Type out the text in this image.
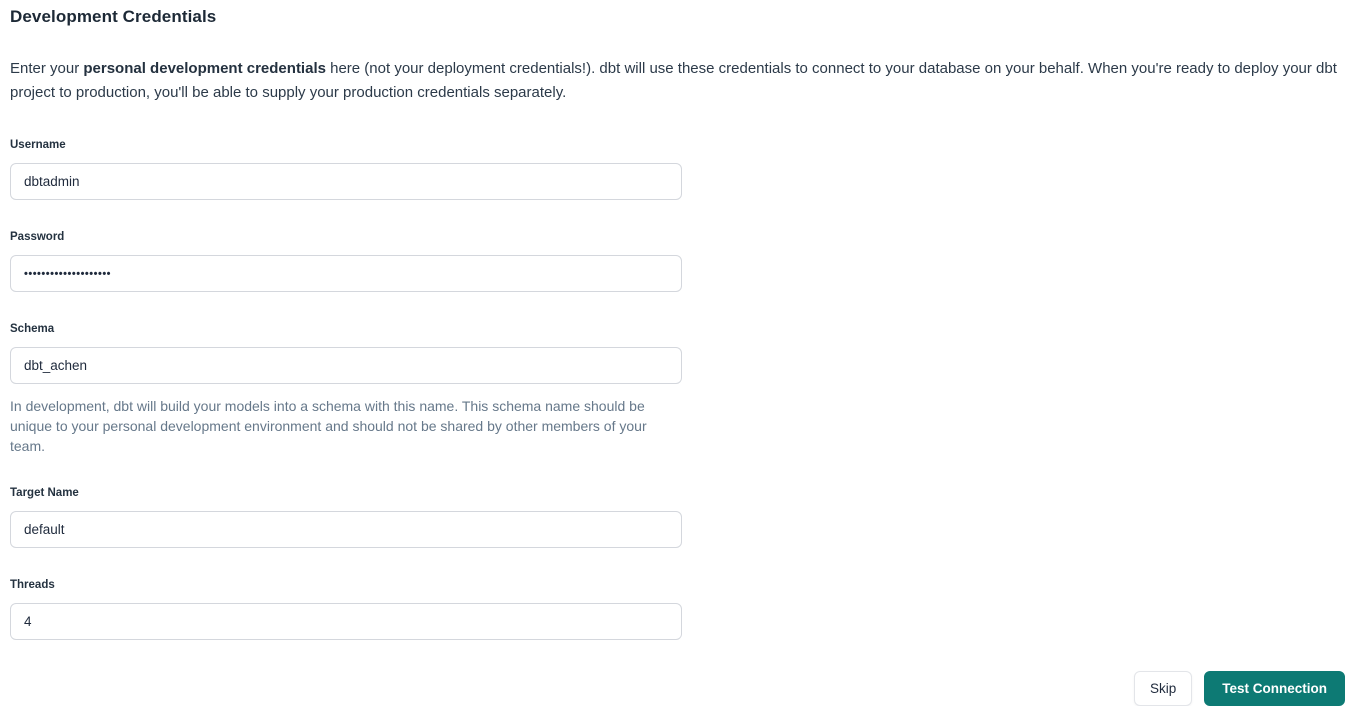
Development Credentials

Enter your personal development credentials here (not your deployment credentials!). dbt will use these credentials to connect to your database on your behalf. When you're ready to deploy your dbt project to production, you'll be able to supply your production credentials separately.

Username
dbtadmin
Password
••••••••••••••••••••
Schema
dbt_achen
In development, dbt will build your models into a schema with this name. This schema name should be unique to your personal development environment and should not be shared by other members of your team.
Target Name
default
Threads
4
Skip	Test Connection
